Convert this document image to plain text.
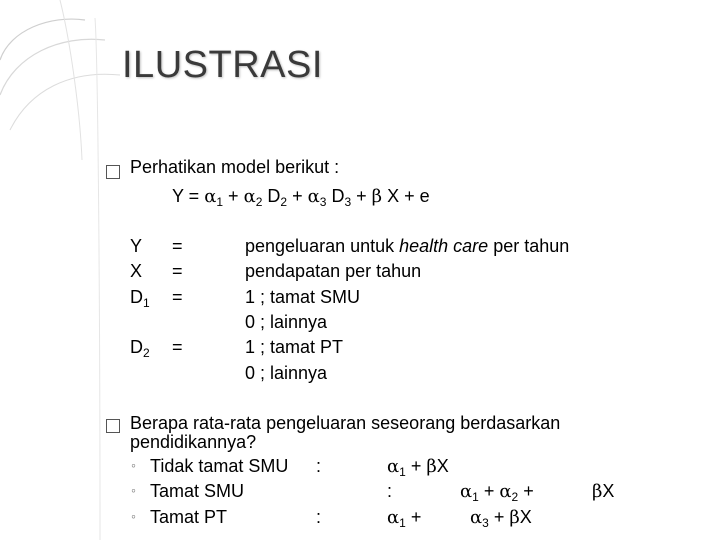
ILUSTRASI
Perhatikan model berikut :
$Y = \alpha_1 + \alpha_2$ $D_2 + \alpha_3$ $D_3 + \beta$ X + e
Y =	pengeluaran untuk health care per tahun
X =	pendapatan per tahun
$D_1$ =	1 ; tamat SMU
0 ; lainnya
$D_2$ =	1 ; tamat PT
0 ; lainnya
Berapa rata-rata pengeluaran seseorang berdasarkan
pendidikannya?
◦ Tidak tamat SMU :	$\alpha_1 + \beta X$
◦ Tamat SMU	:	$\alpha_1 + \alpha_2$ +	βX
◦ Tamat PT	:	$\alpha_1$ +	$\alpha_3 + \beta X$
